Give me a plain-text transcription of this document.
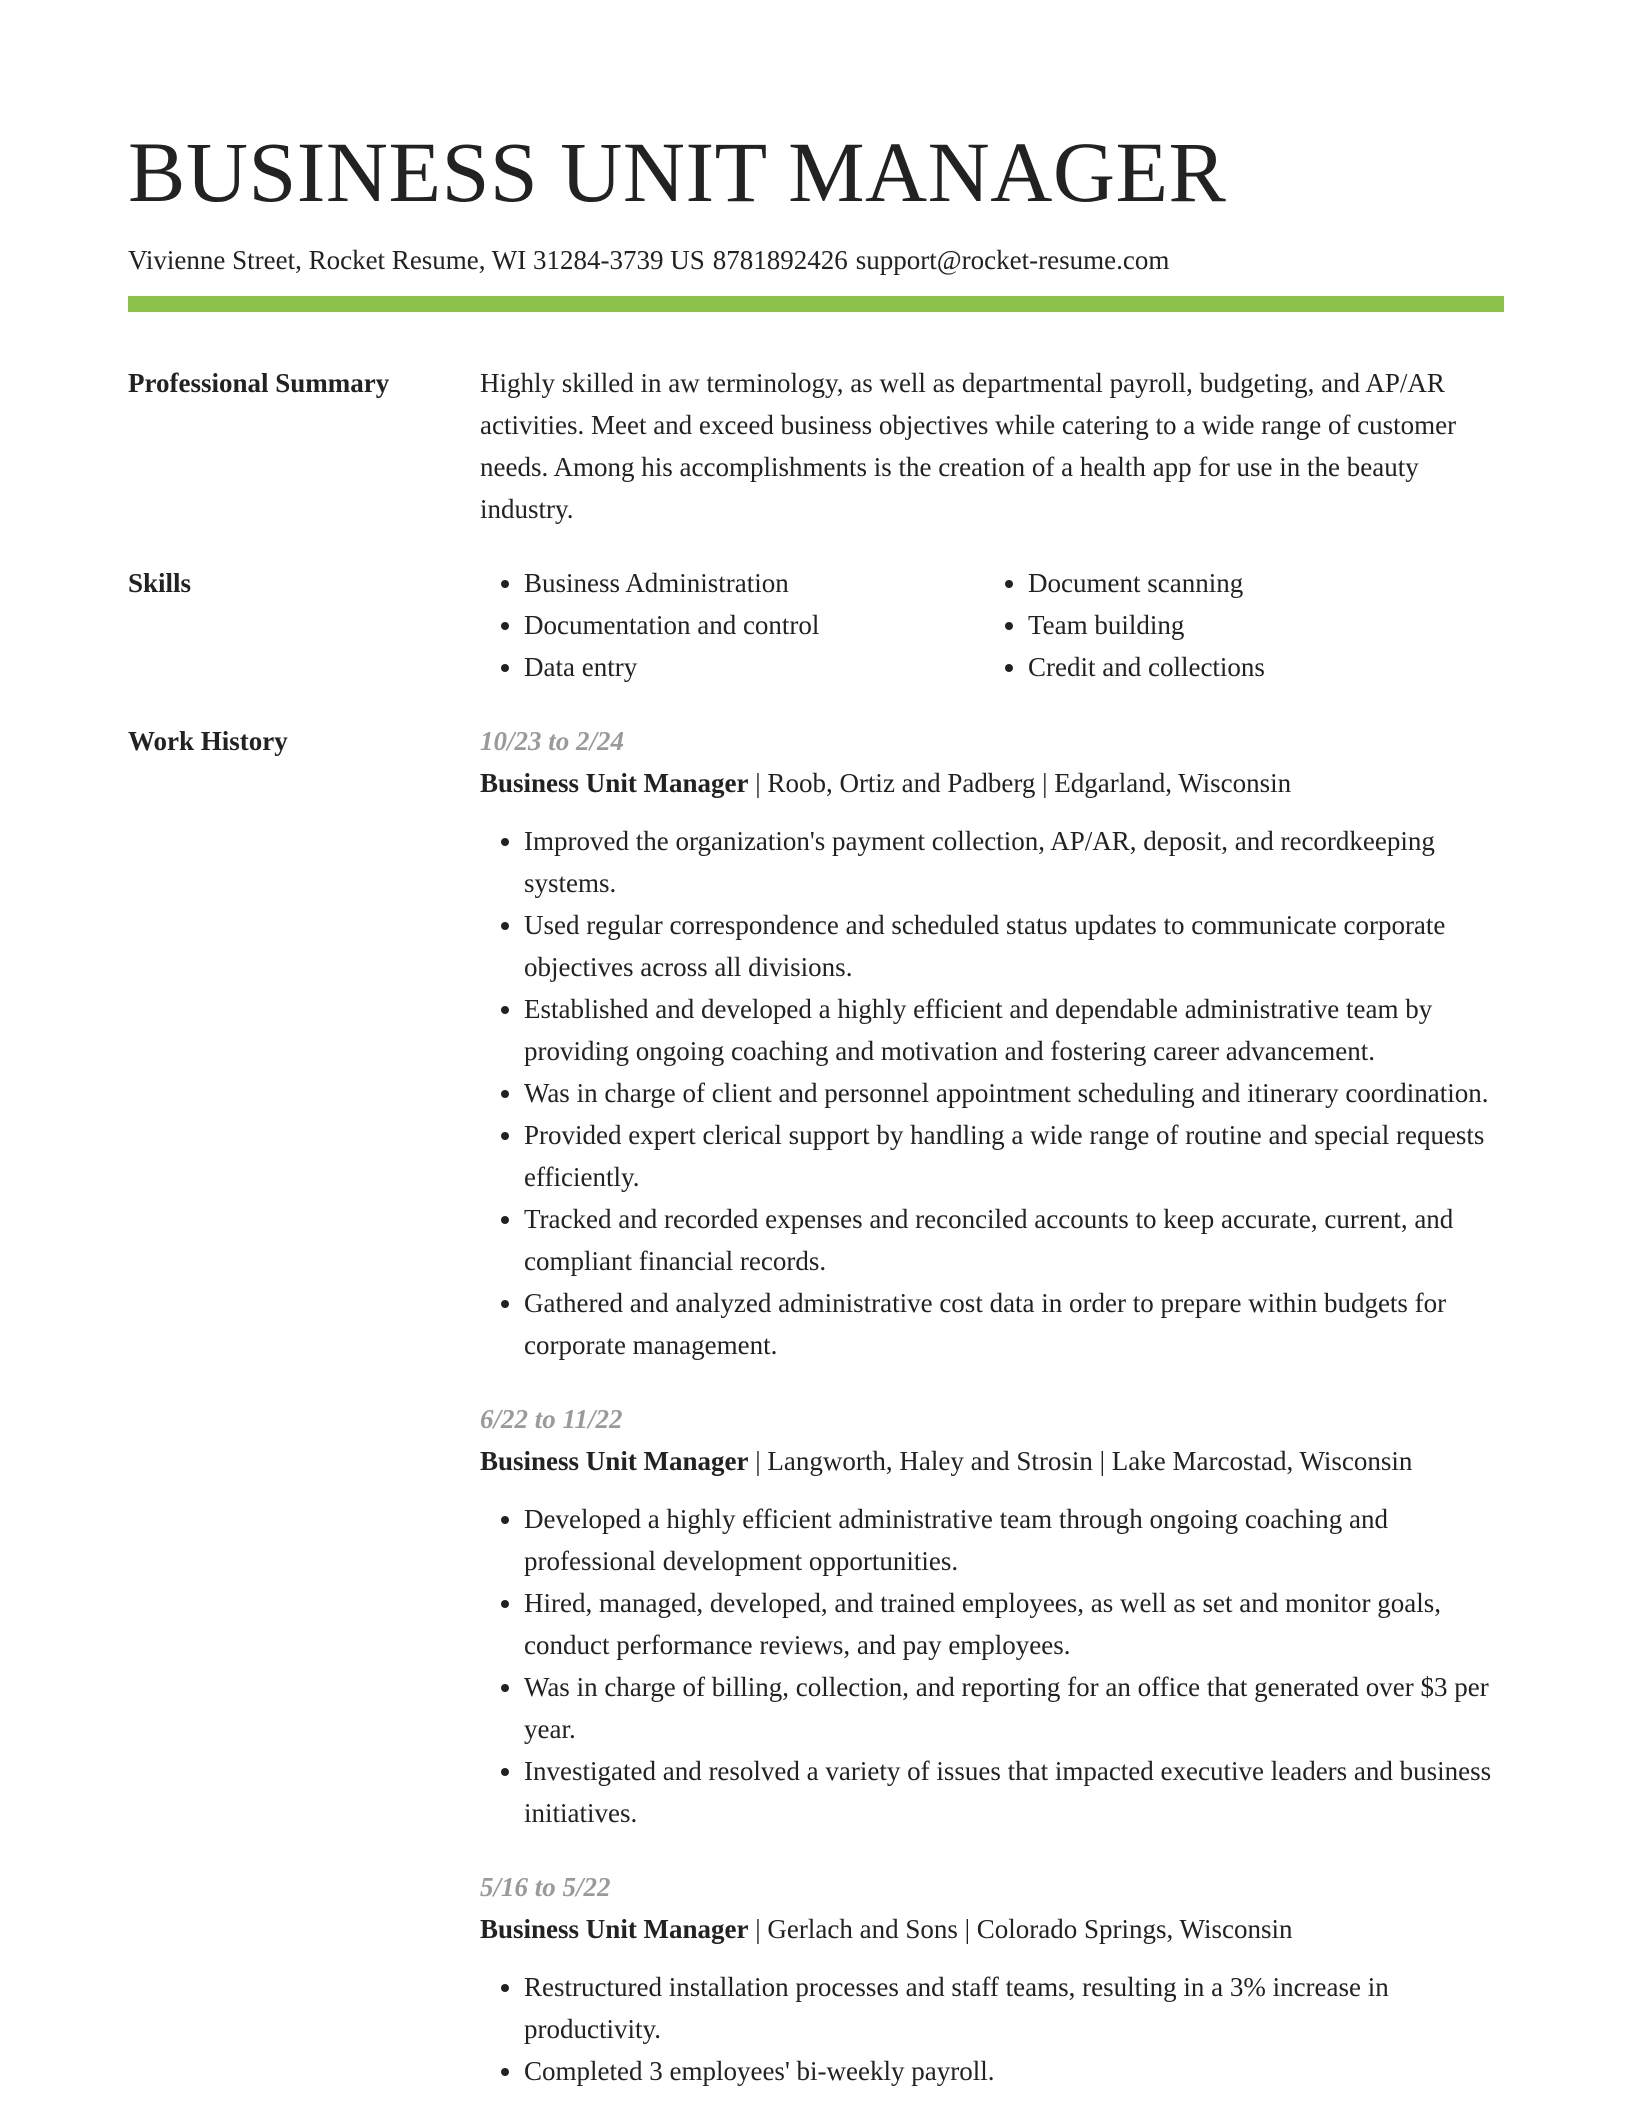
BUSINESS UNIT MANAGER
Vivienne Street, Rocket Resume, WI 31284-3739 US 8781892426 support@rocket-resume.com
Professional Summary	Highly skilled in aw terminology, as well as departmental payroll, budgeting, and AP/AR activities. Meet and exceed business objectives while catering to a wide range of customer needs. Among his accomplishments is the creation of a health app for use in the beauty industry.
Skills
•	Business Administration
• Documentation and control
• Data entry
• Document scanning
• Team building
• Credit and collections
Work History	10/23 to 2/24
Business Unit Manager | Roob, Ortiz and Padberg | Edgarland, Wisconsin
• Improved the organization's payment collection, AP/AR, deposit, and recordkeeping systems.
• Used regular correspondence and scheduled status updates to communicate corporate objectives across all divisions.
• Established and developed a highly efficient and dependable administrative team by providing ongoing coaching and motivation and fostering career advancement.
• Was in charge of client and personnel appointment scheduling and itinerary coordination.
• Provided expert clerical support by handling a wide range of routine and special requests efficiently.
• Tracked and recorded expenses and reconciled accounts to keep accurate, current, and compliant financial records.
• Gathered and analyzed administrative cost data in order to prepare within budgets for corporate management.
6/22 to 11/22
Business Unit Manager | Langworth, Haley and Strosin | Lake Marcostad, Wisconsin
• Developed a highly efficient administrative team through ongoing coaching and professional development opportunities.
• Hired, managed, developed, and trained employees, as well as set and monitor goals, conduct performance reviews, and pay employees.
• Was in charge of billing, collection, and reporting for an office that generated over $3 per year.
• Investigated and resolved a variety of issues that impacted executive leaders and business initiatives.
5/16 to 5/22
Business Unit Manager | Gerlach and Sons | Colorado Springs, Wisconsin
• Restructured installation processes and staff teams, resulting in a 3% increase in productivity.
• Completed 3 employees' bi-weekly payroll.
